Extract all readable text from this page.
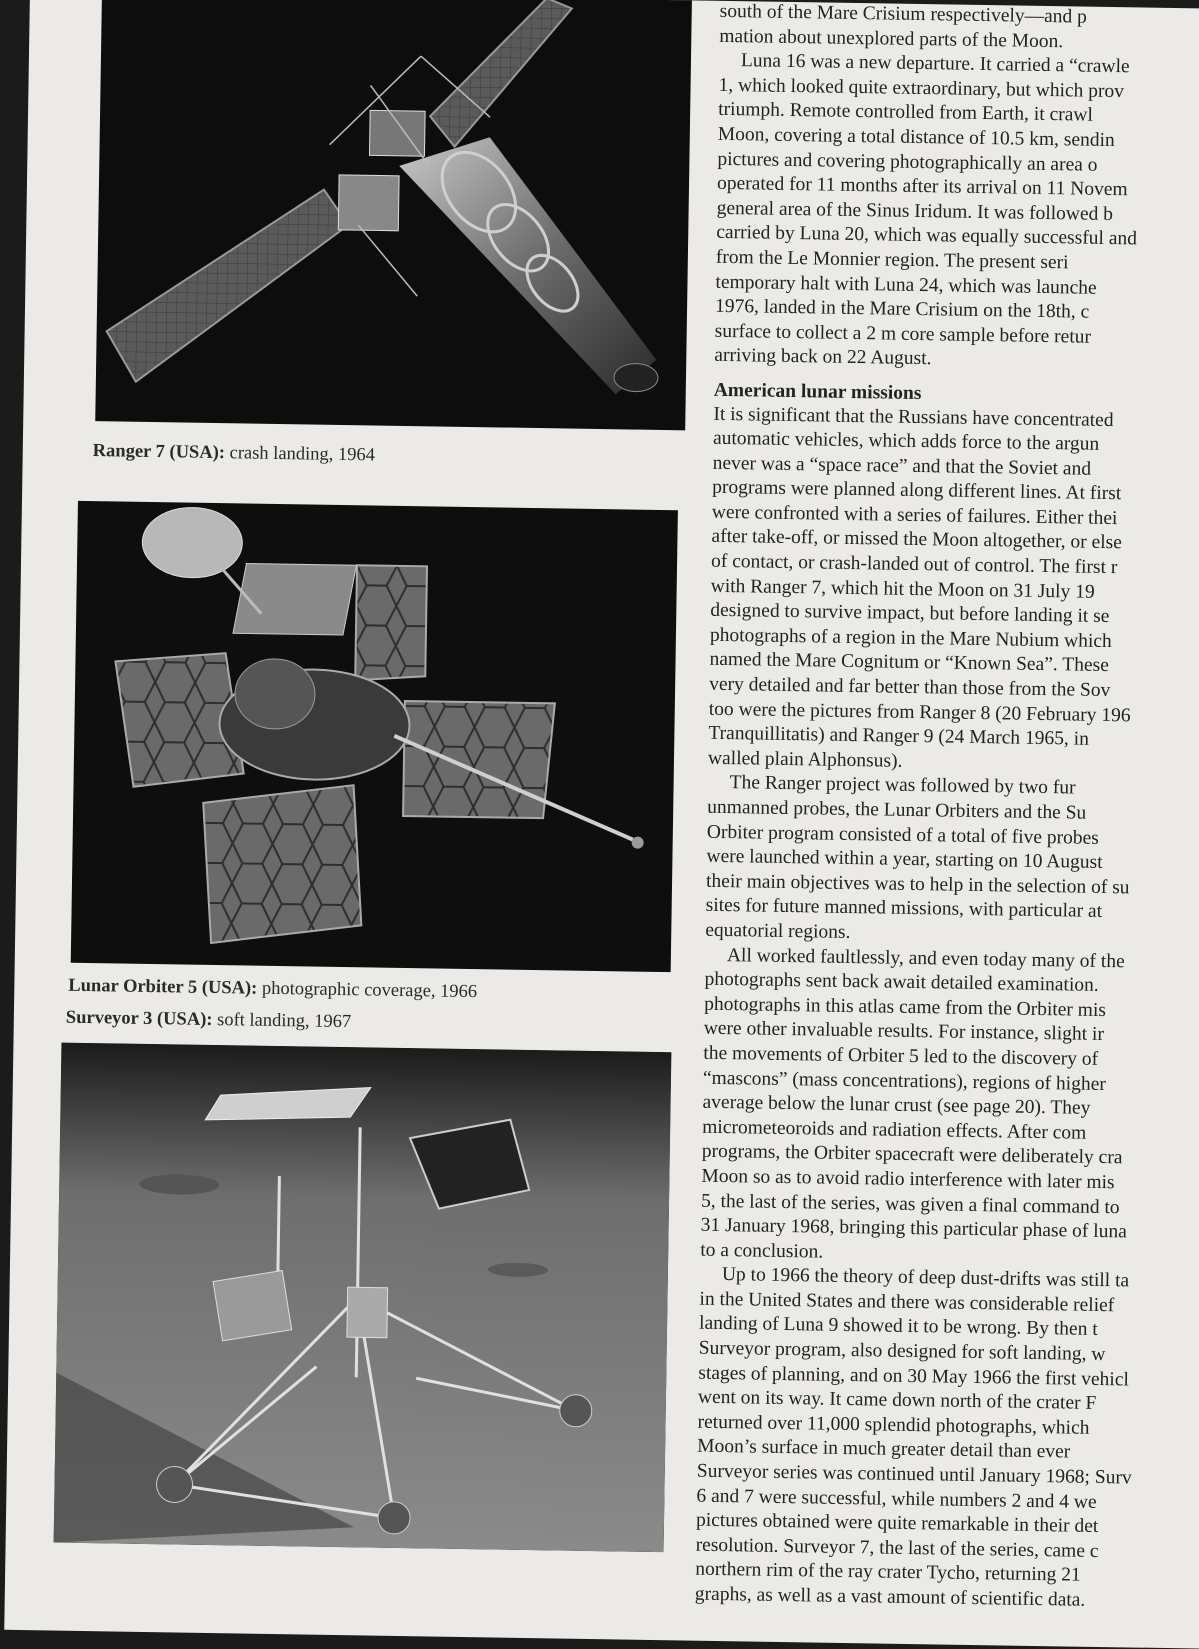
Ranger 7 (USA): crash landing, 1964
Lunar Orbiter 5 (USA): photographic coverage, 1966
Surveyor 3 (USA): soft landing, 1967
south of the Mare Crisium respectively—and p
mation about unexplored parts of the Moon.
Luna 16 was a new departure. It carried a “crawle
1, which looked quite extraordinary, but which prov
triumph. Remote controlled from Earth, it crawl
Moon, covering a total distance of 10.5 km, sendin
pictures and covering photographically an area o
operated for 11 months after its arrival on 11 Novem
general area of the Sinus Iridum. It was followed b
carried by Luna 20, which was equally successful and
from the Le Monnier region. The present seri
temporary halt with Luna 24, which was launche
1976, landed in the Mare Crisium on the 18th, c
surface to collect a 2 m core sample before retur
arriving back on 22 August.
American lunar missions
It is significant that the Russians have concentrated
automatic vehicles, which adds force to the argun
never was a “space race” and that the Soviet and
programs were planned along different lines. At first
were confronted with a series of failures. Either thei
after take-off, or missed the Moon altogether, or else
of contact, or crash-landed out of control. The first r
with Ranger 7, which hit the Moon on 31 July 19
designed to survive impact, but before landing it se
photographs of a region in the Mare Nubium which
named the Mare Cognitum or “Known Sea”. These
very detailed and far better than those from the Sov
too were the pictures from Ranger 8 (20 February 196
Tranquillitatis) and Ranger 9 (24 March 1965, in
walled plain Alphonsus).
The Ranger project was followed by two fur
unmanned probes, the Lunar Orbiters and the Su
Orbiter program consisted of a total of five probes
were launched within a year, starting on 10 August
their main objectives was to help in the selection of su
sites for future manned missions, with particular at
equatorial regions.
All worked faultlessly, and even today many of the
photographs sent back await detailed examination.
photographs in this atlas came from the Orbiter mis
were other invaluable results. For instance, slight ir
the movements of Orbiter 5 led to the discovery of
“mascons” (mass concentrations), regions of higher
average below the lunar crust (see page 20). They
micrometeoroids and radiation effects. After com
programs, the Orbiter spacecraft were deliberately cra
Moon so as to avoid radio interference with later mis
5, the last of the series, was given a final command to
31 January 1968, bringing this particular phase of luna
to a conclusion.
Up to 1966 the theory of deep dust-drifts was still ta
in the United States and there was considerable relief
landing of Luna 9 showed it to be wrong. By then t
Surveyor program, also designed for soft landing, w
stages of planning, and on 30 May 1966 the first vehicl
went on its way. It came down north of the crater F
returned over 11,000 splendid photographs, which
Moon’s surface in much greater detail than ever
Surveyor series was continued until January 1968; Surv
6 and 7 were successful, while numbers 2 and 4 we
pictures obtained were quite remarkable in their det
resolution. Surveyor 7, the last of the series, came c
northern rim of the ray crater Tycho, returning 21
graphs, as well as a vast amount of scientific data.
